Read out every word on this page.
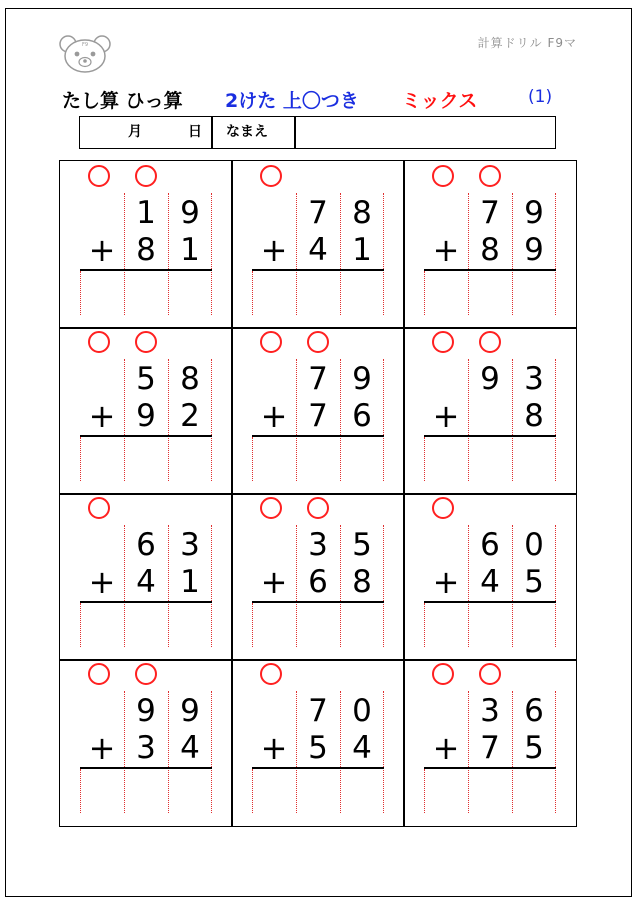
F9	計算ドリル F9マ
たし算 ひっ算 2けた 上〇つき ミックス	(1)
月	日 なまえ
1 9
+ 8 1
7 8
+ 4 1
7 9
+ 8 9
5 8
+ 9 2
7 9
+ 7 6
9 3
+	8
6 3
+ 4 1
3 5
+ 6 8
6 0
+ 4 5
9 9
+ 3 4
7 0
+ 5 4
3 6
+ 7 5
